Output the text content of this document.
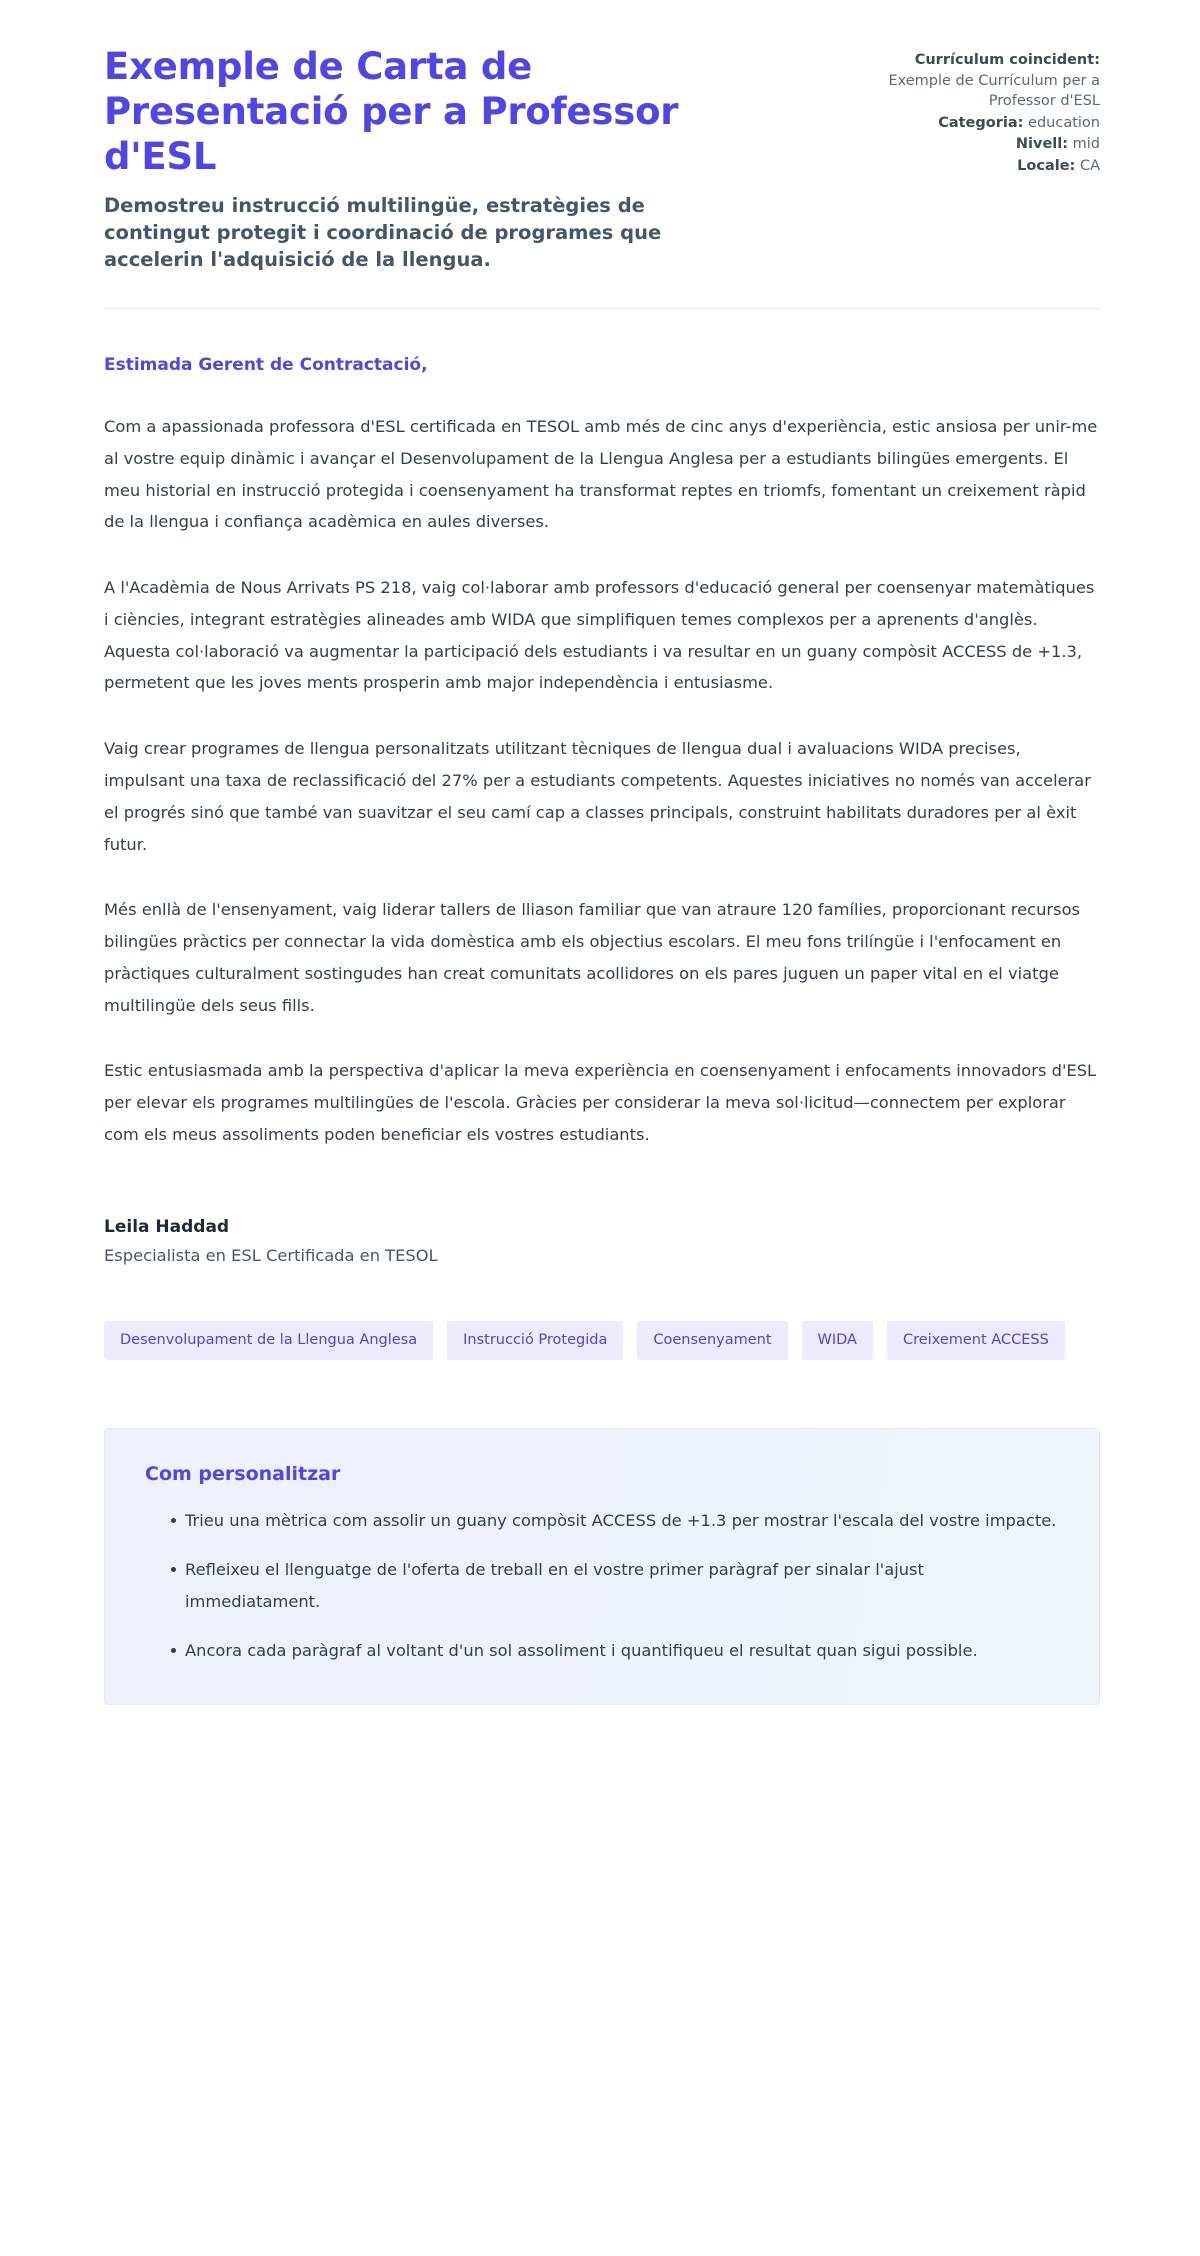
Exemple de Carta de Presentació per a Professor d'ESL

Demostreu instrucció multilingüe, estratègies de contingut protegit i coordinació de programes que accelerin l'adquisició de la llengua.

Currículum coincident:
Exemple de Currículum per a Professor d'ESL
Categoria: education
Nivell: mid
Locale: CA

Estimada Gerent de Contractació,

Com a apassionada professora d'ESL certificada en TESOL amb més de cinc anys d'experiència, estic ansiosa per unir-me al vostre equip dinàmic i avançar el Desenvolupament de la Llengua Anglesa per a estudiants bilingües emergents. El meu historial en instrucció protegida i coensenyament ha transformat reptes en triomfs, fomentant un creixement ràpid de la llengua i confiança acadèmica en aules diverses.

A l'Acadèmia de Nous Arrivats PS 218, vaig col·laborar amb professors d'educació general per coensenyar matemàtiques i ciències, integrant estratègies alineades amb WIDA que simplifiquen temes complexos per a aprenents d'anglès. Aquesta col·laboració va augmentar la participació dels estudiants i va resultar en un guany compòsit ACCESS de +1.3, permetent que les joves ments prosperin amb major independència i entusiasme.

Vaig crear programes de llengua personalitzats utilitzant tècniques de llengua dual i avaluacions WIDA precises, impulsant una taxa de reclassificació del 27% per a estudiants competents. Aquestes iniciatives no només van accelerar el progrés sinó que també van suavitzar el seu camí cap a classes principals, construint habilitats duradores per al èxit futur.

Més enllà de l'ensenyament, vaig liderar tallers de lliason familiar que van atraure 120 famílies, proporcionant recursos bilingües pràctics per connectar la vida domèstica amb els objectius escolars. El meu fons trilíngüe i l'enfocament en pràctiques culturalment sostingudes han creat comunitats acollidores on els pares juguen un paper vital en el viatge multilingüe dels seus fills.

Estic entusiasmada amb la perspectiva d'aplicar la meva experiència en coensenyament i enfocaments innovadors d'ESL per elevar els programes multilingües de l'escola. Gràcies per considerar la meva sol·licitud—connectem per explorar com els meus assoliments poden beneficiar els vostres estudiants.

Leila Haddad

Especialista en ESL Certificada en TESOL

Desenvolupament de la Llengua Anglesa	Instrucció Protegida	Coensenyament	WIDA	Creixement ACCESS

Com personalitzar

Trieu una mètrica com assolir un guany compòsit ACCESS de +1.3 per mostrar l'escala del vostre impacte.
Refleixeu el llenguatge de l'oferta de treball en el vostre primer paràgraf per sinalar l'ajust immediatament.
Ancora cada paràgraf al voltant d'un sol assoliment i quantifiqueu el resultat quan sigui possible.
